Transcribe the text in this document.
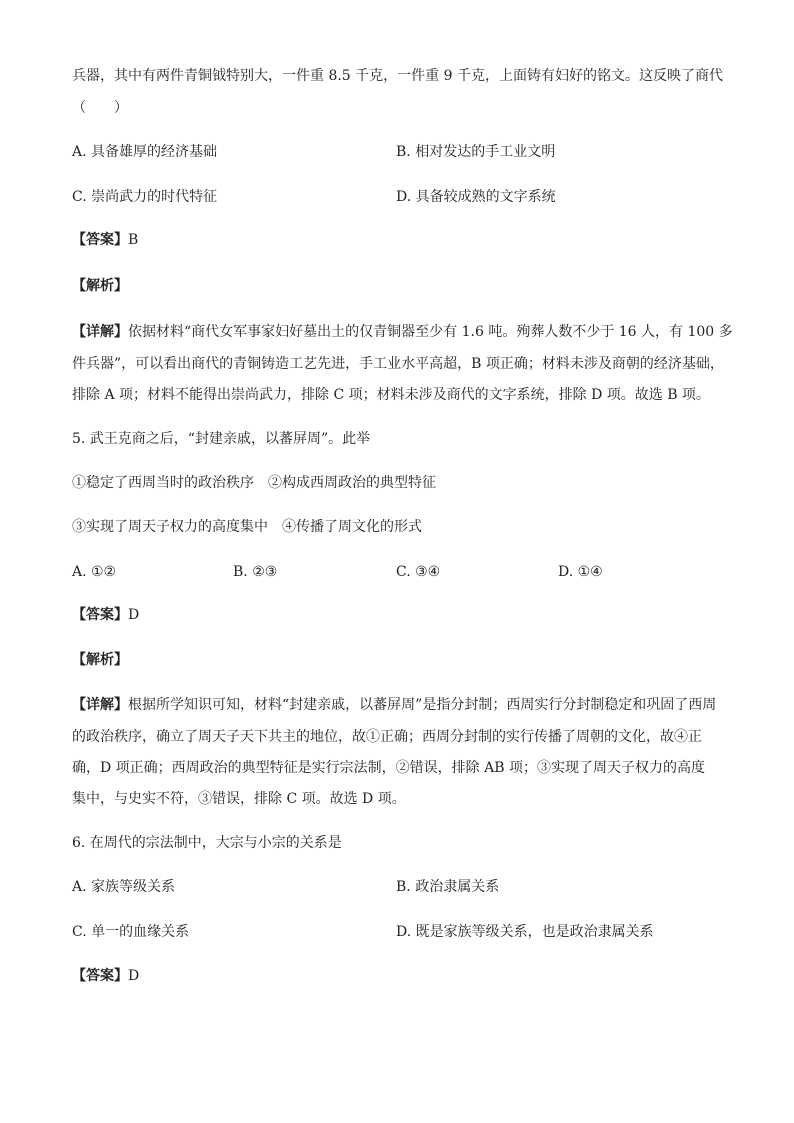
兵器，其中有两件青铜钺特别大，一件重 8.5 千克，一件重 9 千克，上面铸有妇好的铭文。这反映了商代
（　　）
A. 具备雄厚的经济基础	B. 相对发达的手工业文明
C. 崇尚武力的时代特征	D. 具备较成熟的文字系统
【答案】B
【解析】
【详解】依据材料“商代女军事家妇好墓出土的仅青铜器至少有 1.6 吨。殉葬人数不少于 16 人，有 100 多
件兵器”，可以看出商代的青铜铸造工艺先进，手工业水平高超，B 项正确；材料未涉及商朝的经济基础，
排除 A 项；材料不能得出崇尚武力，排除 C 项；材料未涉及商代的文字系统，排除 D 项。故选 B 项。
5. 武王克商之后，“封建亲戚，以蕃屏周”。此举
①稳定了西周当时的政治秩序　②构成西周政治的典型特征
③实现了周天子权力的高度集中　④传播了周文化的形式
A. ①②	B. ②③	C. ③④	D. ①④
【答案】D
【解析】
【详解】根据所学知识可知，材料“封建亲戚，以蕃屏周”是指分封制；西周实行分封制稳定和巩固了西周
的政治秩序，确立了周天子天下共主的地位，故①正确；西周分封制的实行传播了周朝的文化，故④正
确，D 项正确；西周政治的典型特征是实行宗法制，②错误，排除 AB 项；③实现了周天子权力的高度
集中，与史实不符，③错误，排除 C 项。故选 D 项。
6. 在周代的宗法制中，大宗与小宗的关系是
A. 家族等级关系	B. 政治隶属关系
C. 单一的血缘关系	D. 既是家族等级关系，也是政治隶属关系
【答案】D
